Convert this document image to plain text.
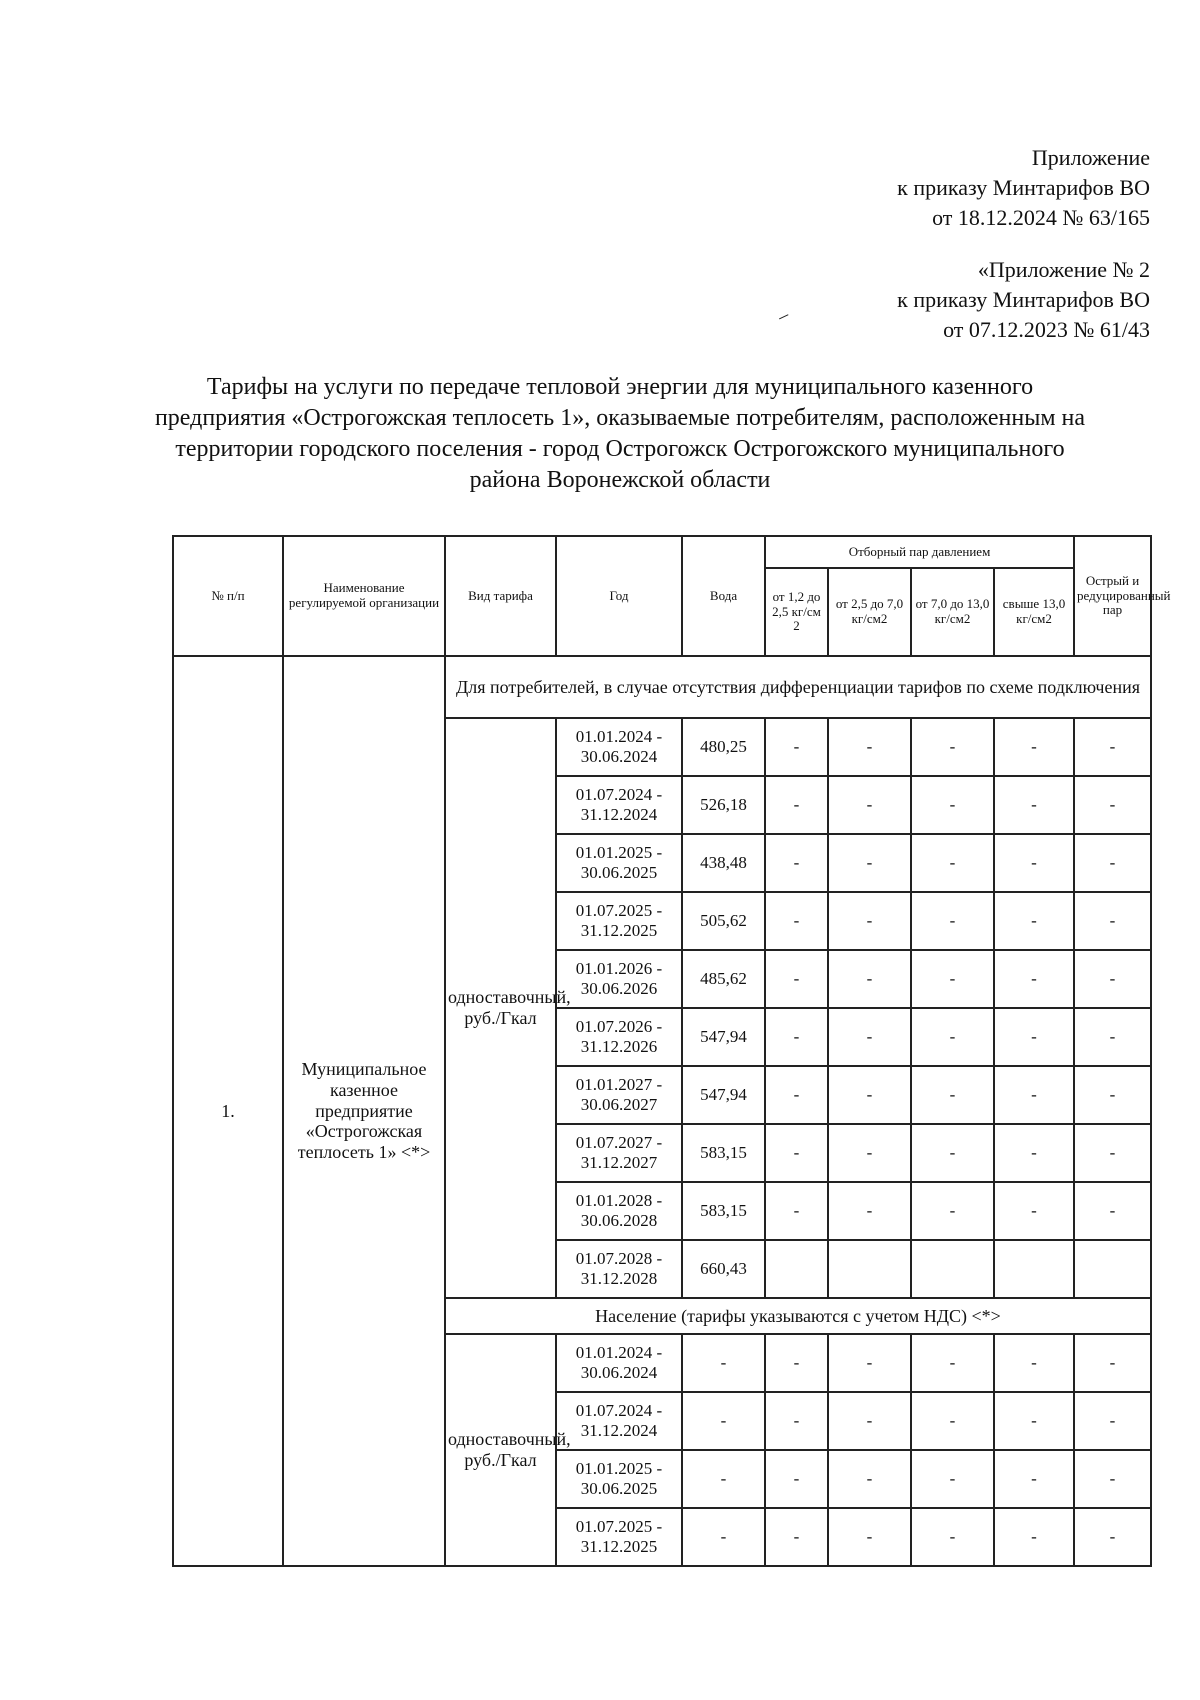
Приложение
к приказу Минтарифов ВО
от 18.12.2024 № 63/165
«Приложение № 2
к приказу Минтарифов ВО
от 07.12.2023 № 61/43
Тарифы на услуги по передаче тепловой энергии для муниципального казенного предприятия «Острогожская теплосеть 1», оказываемые потребителям, расположенным на территории городского поселения - город Острогожск Острогожского муниципального района Воронежской области
№ п/п	Наименование регулируемой организации	Вид тарифа	Год	Вода	Отборный пар давлением				Острый и редуцированный пар
					от 1,2 до 2,5 кг/см 2	от 2,5 до 7,0 кг/см2	от 7,0 до 13,0 кг/см2	свыше 13,0 кг/см2	
1.	Муниципальное казенное предприятие «Острогожская теплосеть 1» <*>	Для потребителей, в случае отсутствия дифференциации тарифов по схеме подключения							
		одноставочный, руб./Гкал	01.01.2024 - 30.06.2024	480,25	-	-	-	-	-
			01.07.2024 - 31.12.2024	526,18	-	-	-	-	-
			01.01.2025 - 30.06.2025	438,48	-	-	-	-	-
			01.07.2025 - 31.12.2025	505,62	-	-	-	-	-
			01.01.2026 - 30.06.2026	485,62	-	-	-	-	-
			01.07.2026 - 31.12.2026	547,94	-	-	-	-	-
			01.01.2027 - 30.06.2027	547,94	-	-	-	-	-
			01.07.2027 - 31.12.2027	583,15	-	-	-	-	-
			01.01.2028 - 30.06.2028	583,15	-	-	-	-	-
			01.07.2028 - 31.12.2028	660,43					
		Население (тарифы указываются с учетом НДС) <*>							
		одноставочный, руб./Гкал	01.01.2024 - 30.06.2024	-	-	-	-	-	-
			01.07.2024 - 31.12.2024	-	-	-	-	-	-
			01.01.2025 - 30.06.2025	-	-	-	-	-	-
			01.07.2025 - 31.12.2025	-	-	-	-	-	-
